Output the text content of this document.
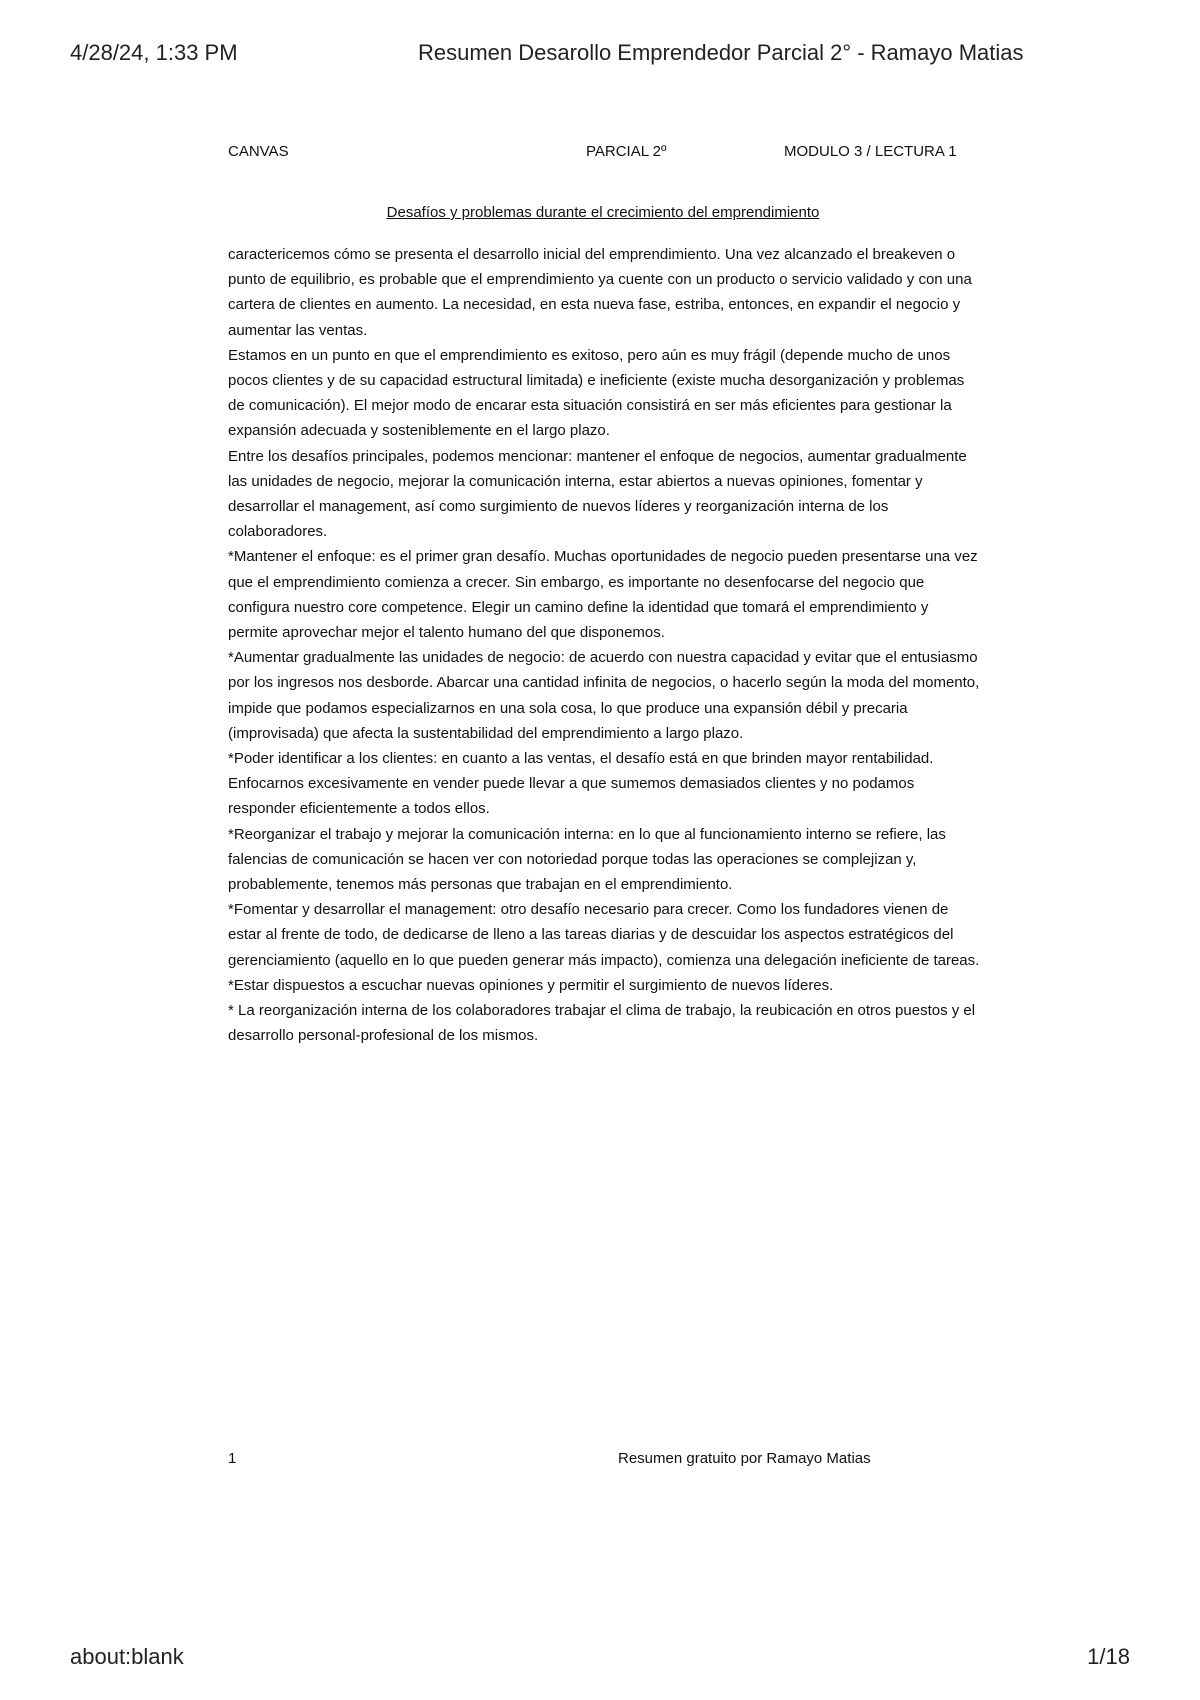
4/28/24, 1:33 PM	Resumen Desarollo Emprendedor Parcial 2° - Ramayo Matias
CANVAS	PARCIAL 2º	MODULO 3 / LECTURA 1
Desafíos y problemas durante el crecimiento del emprendimiento

caractericemos cómo se presenta el desarrollo inicial del emprendimiento. Una vez alcanzado el breakeven o punto de equilibrio, es probable que el emprendimiento ya cuente con un producto o servicio validado y con una cartera de clientes en aumento. La necesidad, en esta nueva fase, estriba, entonces, en expandir el negocio y aumentar las ventas.

Estamos en un punto en que el emprendimiento es exitoso, pero aún es muy frágil (depende mucho de unos pocos clientes y de su capacidad estructural limitada) e ineficiente (existe mucha desorganización y problemas de comunicación). El mejor modo de encarar esta situación consistirá en ser más eficientes para gestionar la expansión adecuada y sosteniblemente en el largo plazo.

Entre los desafíos principales, podemos mencionar: mantener el enfoque de negocios, aumentar gradualmente las unidades de negocio, mejorar la comunicación interna, estar abiertos a nuevas opiniones, fomentar y desarrollar el management, así como surgimiento de nuevos líderes y reorganización interna de los colaboradores.

*Mantener el enfoque: es el primer gran desafío. Muchas oportunidades de negocio pueden presentarse una vez que el emprendimiento comienza a crecer. Sin embargo, es importante no desenfocarse del negocio que configura nuestro core competence. Elegir un camino define la identidad que tomará el emprendimiento y permite aprovechar mejor el talento humano del que disponemos.

*Aumentar gradualmente las unidades de negocio: de acuerdo con nuestra capacidad y evitar que el entusiasmo por los ingresos nos desborde. Abarcar una cantidad infinita de negocios, o hacerlo según la moda del momento, impide que podamos especializarnos en una sola cosa, lo que produce una expansión débil y precaria (improvisada) que afecta la sustentabilidad del emprendimiento a largo plazo.

*Poder identificar a los clientes: en cuanto a las ventas, el desafío está en que brinden mayor rentabilidad. Enfocarnos excesivamente en vender puede llevar a que sumemos demasiados clientes y no podamos responder eficientemente a todos ellos.

*Reorganizar el trabajo y mejorar la comunicación interna: en lo que al funcionamiento interno se refiere, las falencias de comunicación se hacen ver con notoriedad porque todas las operaciones se complejizan y, probablemente, tenemos más personas que trabajan en el emprendimiento.

*Fomentar y desarrollar el management: otro desafío necesario para crecer. Como los fundadores vienen de estar al frente de todo, de dedicarse de lleno a las tareas diarias y de descuidar los aspectos estratégicos del gerenciamiento (aquello en lo que pueden generar más impacto), comienza una delegación ineficiente de tareas.

*Estar dispuestos a escuchar nuevas opiniones y permitir el surgimiento de nuevos líderes.

* La reorganización interna de los colaboradores trabajar el clima de trabajo, la reubicación en otros puestos y el desarrollo personal-profesional de los mismos.

1	Resumen gratuito por Ramayo Matias
about:blank	1/18
